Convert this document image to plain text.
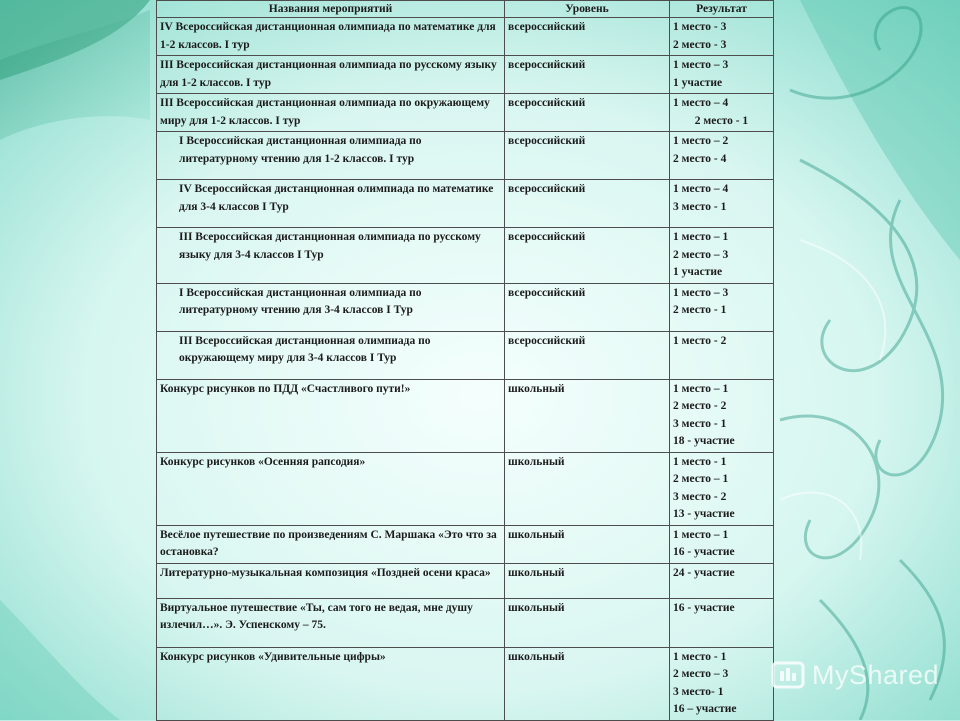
Названия мероприятий	Уровень	Результат
IV Всероссийская дистанционная олимпиада по математике для 1-2 классов. I тур	всероссийский	1 место - 3
2 место - 3

III Всероссийская дистанционная олимпиада по русскому языку для 1-2 классов. I тур	всероссийский	1 место – 3
1 участие

III Всероссийская дистанционная олимпиада по окружающему миру для 1-2 классов. I тур	всероссийский	1 место – 4
2 место - 1

I Всероссийская дистанционная олимпиада по литературному чтению для 1-2 классов. I тур	всероссийский	1 место – 2
2 место - 4

IV Всероссийская дистанционная олимпиада по математике для 3-4 классов I Тур	всероссийский	1 место – 4
3 место - 1

III Всероссийская дистанционная олимпиада по русскому языку для 3-4 классов I Тур	всероссийский	1 место – 1
2 место – 3
1 участие

I Всероссийская дистанционная олимпиада по литературному чтению для 3-4 классов I Тур	всероссийский	1 место – 3
2 место - 1

III Всероссийская дистанционная олимпиада по окружающему миру для 3-4 классов I Тур	всероссийский	1 место - 2

Конкурс рисунков по ПДД «Счастливого пути!»	школьный	1 место – 1
2 место - 2
3 место - 1
18 - участие

Конкурс рисунков «Осенняя рапсодия»	школьный	1 место - 1
2 место – 1
3 место - 2
13 - участие

Весёлое путешествие по произведениям С. Маршака «Это что за остановка?	школьный	1 место – 1
16 - участие

Литературно-музыкальная композиция «Поздней осени краса»	школьный	24 - участие

Виртуальное путешествие «Ты, сам того не ведая, мне душу излечил…». Э. Успенскому – 75.	школьный	16 - участие

Конкурс рисунков «Удивительные цифры»	школьный	1 место - 1
2 место – 3
3 место- 1
16 – участие
MyShared
